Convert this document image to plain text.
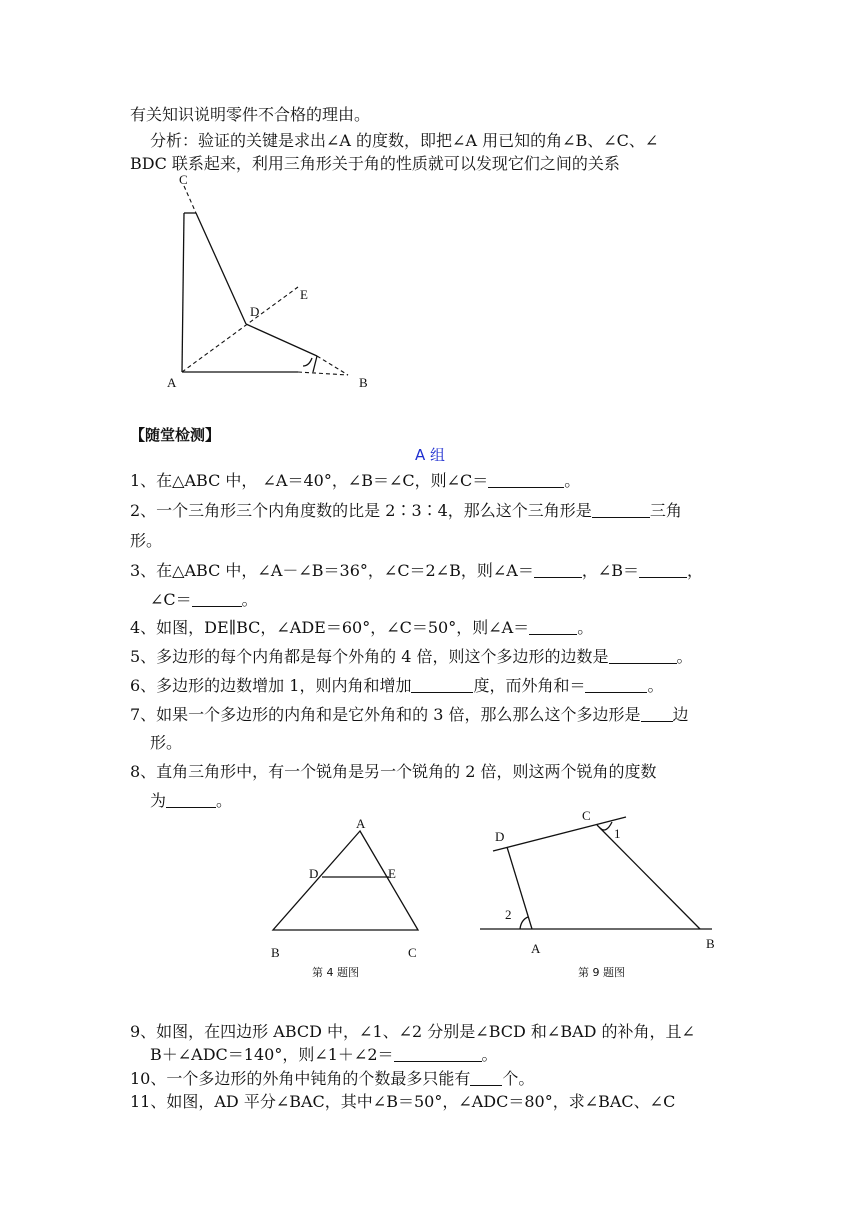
有关知识说明零件不合格的理由。
分析：验证的关键是求出∠A 的度数，即把∠A 用已知的角∠B、∠C、∠
BDC 联系起来，利用三角形关于角的性质就可以发现它们之间的关系
C
D
E
A	B
【随堂检测】
A 组
1、在△ABC 中， ∠A＝40°，∠B＝∠C，则∠C＝	。
2、一个三角形三个内角度数的比是 2∶3∶4，那么这个三角形是	三角
形。
3、在△ABC 中，∠A－∠B＝36°，∠C＝2∠B，则∠A＝	，∠B＝	，
∠C＝	。
4、如图，DE∥BC，∠ADE＝60°，∠C＝50°，则∠A＝	。
5、多边形的每个内角都是每个外角的 4 倍，则这个多边形的边数是	。
6、多边形的边数增加 1，则内角和增加	度，而外角和＝	。
7、如果一个多边形的内角和是它外角和的 3 倍，那么那么这个多边形是 边
形。
8、直角三角形中，有一个锐角是另一个锐角的 2 倍，则这两个锐角的度数
为	。
A
D	E
B	C
第 4 题图
C
D	1
2
A	B
第 9 题图
9、如图，在四边形 ABCD 中，∠1、∠2 分别是∠BCD 和∠BAD 的补角，且∠
B＋∠ADC＝140°，则∠1＋∠2＝	。
10、一个多边形的外角中钝角的个数最多只能有 个。
11、如图，AD 平分∠BAC，其中∠B＝50°，∠ADC＝80°，求∠BAC、∠C
